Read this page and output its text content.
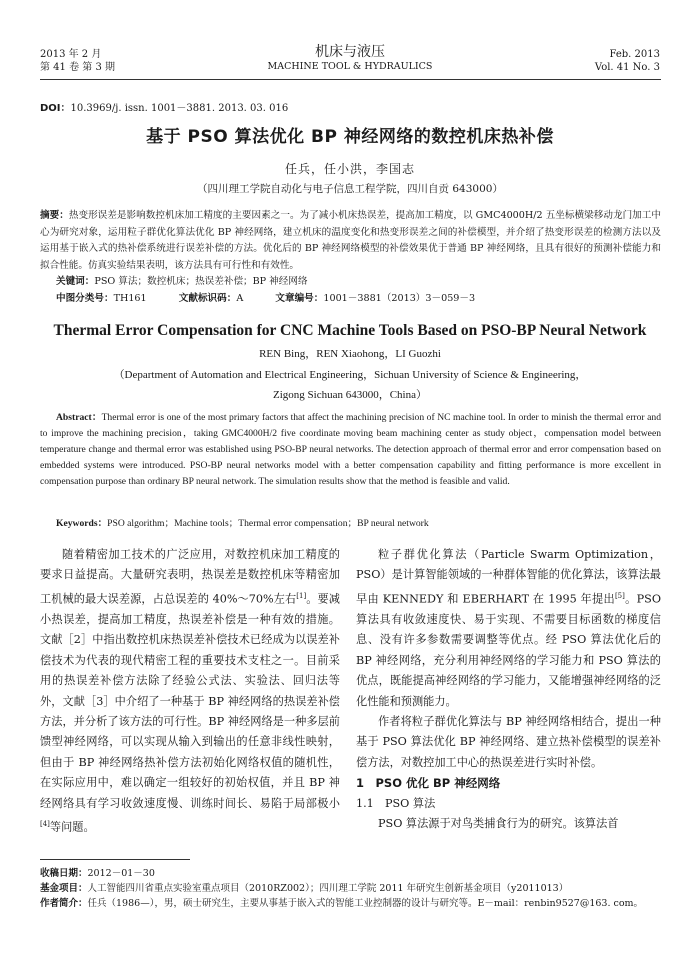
2013 年 2 月
第 41 卷 第 3 期
机床与液压
MACHINE TOOL & HYDRAULICS
Feb. 2013
Vol. 41 No. 3
DOI：10.3969/j. issn. 1001－3881. 2013. 03. 016
基于 PSO 算法优化 BP 神经网络的数控机床热补偿
任兵，任小洪，李国志
（四川理工学院自动化与电子信息工程学院，四川自贡 643000）
摘要：热变形误差是影响数控机床加工精度的主要因素之一。为了减小机床热误差，提高加工精度，以 GMC4000H/2 五坐标横梁移动龙门加工中心为研究对象，运用粒子群优化算法优化 BP 神经网络，建立机床的温度变化和热变形误差之间的补偿模型，并介绍了热变形误差的检测方法以及运用基于嵌入式的热补偿系统进行误差补偿的方法。优化后的 BP 神经网络模型的补偿效果优于普通 BP 神经网络，且具有很好的预测补偿能力和拟合性能。仿真实验结果表明，该方法具有可行性和有效性。
关键词：PSO 算法；数控机床；热误差补偿；BP 神经网络
中图分类号：TH161	文献标识码：A	文章编号：1001－3881（2013）3－059－3
Thermal Error Compensation for CNC Machine Tools Based on PSO-BP Neural Network
REN Bing，REN Xiaohong，LI Guozhi
（Department of Automation and Electrical Engineering，Sichuan University of Science & Engineering，
Zigong Sichuan 643000，China）
Abstract：Thermal error is one of the most primary factors that affect the machining precision of NC machine tool. In order to minish the thermal error and to improve the machining precision，taking GMC4000H/2 five coordinate moving beam machining center as study object，compensation model between temperature change and thermal error was established using PSO-BP neural networks. The detection approach of thermal error and error compensation based on embedded systems were introduced. PSO-BP neural networks model with a better compensation capability and fitting performance is more excellent in compensation purpose than ordinary BP neural network. The simulation results show that the method is feasible and valid.
Keywords：PSO algorithm；Machine tools；Thermal error compensation；BP neural network

随着精密加工技术的广泛应用，对数控机床加工精度的要求日益提高。大量研究表明，热误差是数控机床等精密加工机械的最大误差源，占总误差的 40%～70%左右[1]。要减小热误差，提高加工精度，热误差补偿是一种有效的措施。文献［2］中指出数控机床热误差补偿技术已经成为以误差补偿技术为代表的现代精密工程的重要技术支柱之一。目前采用的热误差补偿方法除了经验公式法、实验法、回归法等外，文献［3］中介绍了一种基于 BP 神经网络的热误差补偿方法，并分析了该方法的可行性。BP 神经网络是一种多层前馈型神经网络，可以实现从输入到输出的任意非线性映射，但由于 BP 神经网络热补偿方法初始化网络权值的随机性，在实际应用中，难以确定一组较好的初始权值，并且 BP 神经网络具有学习收敛速度慢、训练时间长、易陷于局部极小[4]等问题。

粒子群优化算法（Particle Swarm Optimization，PSO）是计算智能领域的一种群体智能的优化算法，该算法最早由 KENNEDY 和 EBERHART 在 1995 年提出[5]。PSO 算法具有收敛速度快、易于实现、不需要目标函数的梯度信息、没有许多参数需要调整等优点。经 PSO 算法优化后的 BP 神经网络，充分利用神经网络的学习能力和 PSO 算法的优点，既能提高神经网络的学习能力，又能增强神经网络的泛化性能和预测能力。

作者将粒子群优化算法与 BP 神经网络相结合，提出一种基于 PSO 算法优化 BP 神经网络、建立热补偿模型的误差补偿方法，对数控加工中心的热误差进行实时补偿。

1　PSO 优化 BP 神经网络

1.1　PSO 算法

PSO 算法源于对鸟类捕食行为的研究。该算法首

收稿日期：2012－01－30
基金项目：人工智能四川省重点实验室重点项目（2010RZ002）；四川理工学院 2011 年研究生创新基金项目（y2011013）
作者简介：任兵（1986—），男，硕士研究生，主要从事基于嵌入式的智能工业控制器的设计与研究等。E－mail：renbin9527@163. com。
